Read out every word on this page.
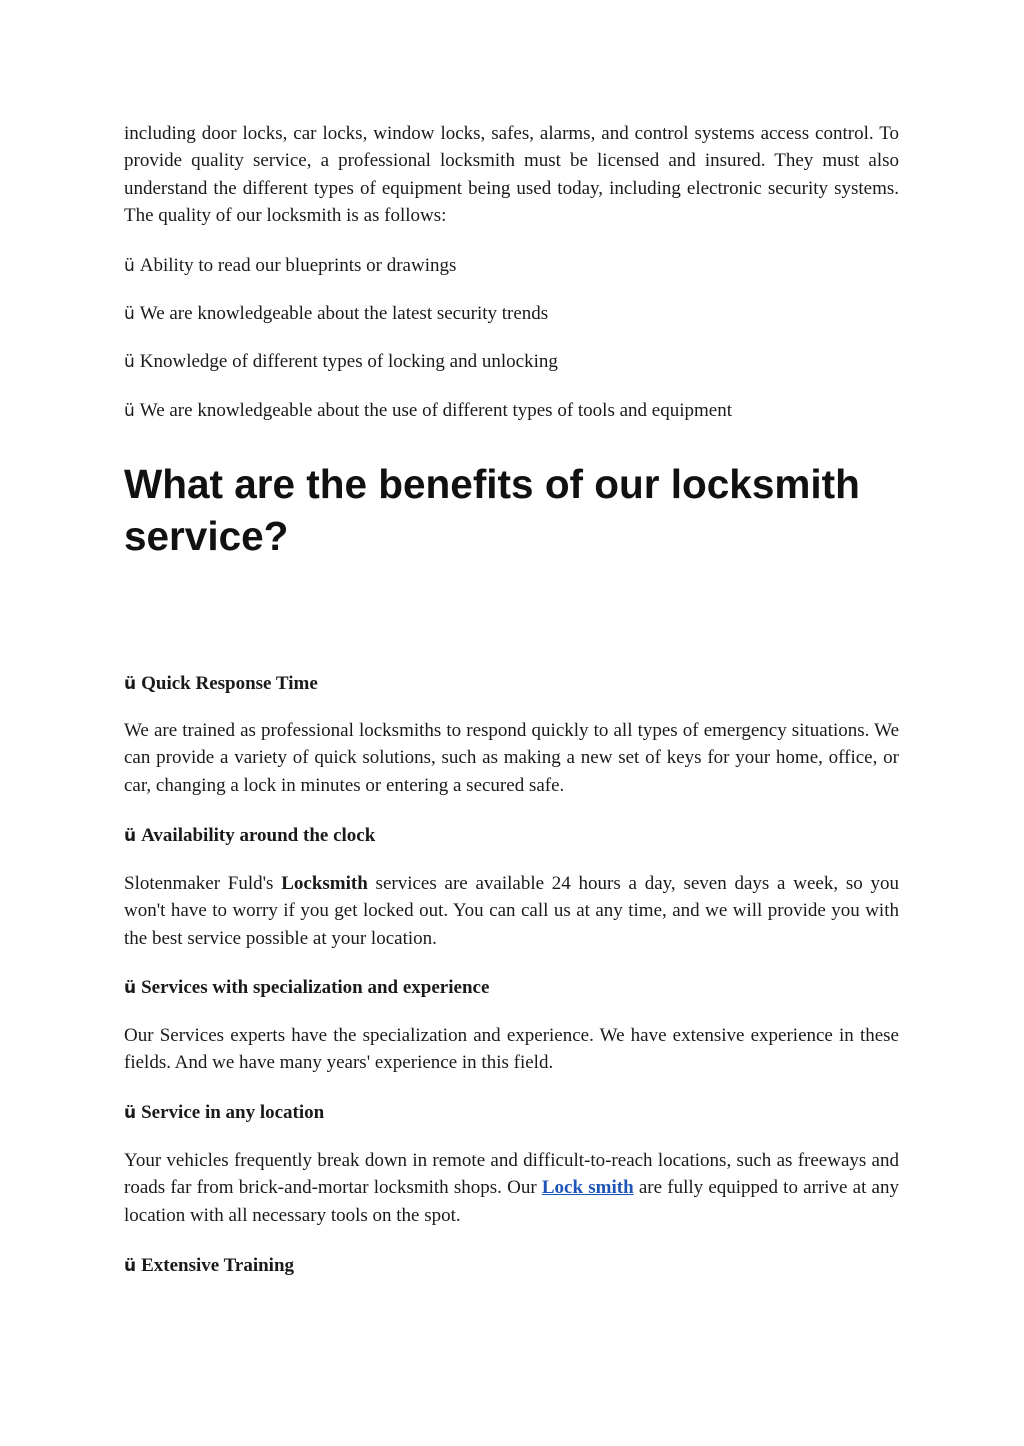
including door locks, car locks, window locks, safes, alarms, and control systems access control. To provide quality service, a professional locksmith must be licensed and insured. They must also understand the different types of equipment being used today, including electronic security systems. The quality of our locksmith is as follows:

ü Ability to read our blueprints or drawings

ü We are knowledgeable about the latest security trends

ü Knowledge of different types of locking and unlocking

ü We are knowledgeable about the use of different types of tools and equipment

What are the benefits of our locksmith service?

ü Quick Response Time

We are trained as professional locksmiths to respond quickly to all types of emergency situations. We can provide a variety of quick solutions, such as making a new set of keys for your home, office, or car, changing a lock in minutes or entering a secured safe.

ü Availability around the clock

Slotenmaker Fuld's Locksmith services are available 24 hours a day, seven days a week, so you won't have to worry if you get locked out. You can call us at any time, and we will provide you with the best service possible at your location.

ü Services with specialization and experience

Our Services experts have the specialization and experience. We have extensive experience in these fields. And we have many years' experience in this field.

ü Service in any location

Your vehicles frequently break down in remote and difficult-to-reach locations, such as freeways and roads far from brick-and-mortar locksmith shops. Our Lock smith are fully equipped to arrive at any location with all necessary tools on the spot.

ü Extensive Training
